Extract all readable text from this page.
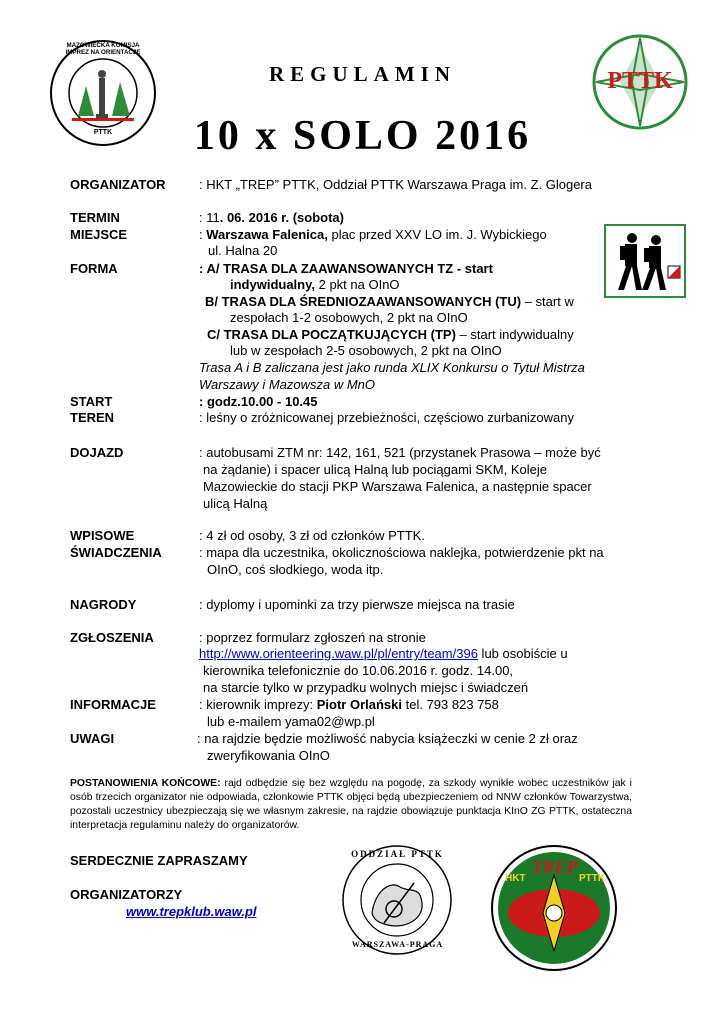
MAZOWIECKA KOMISJA IMPREZ NA ORIENTACJĘ
PTTK
PTTK
REGULAMIN
10 x SOLO 2016
ORGANIZATOR	: HKT „TREP” PTTK, Oddział PTTK Warszawa Praga im. Z. Glogera
TERMIN	: 11. 06. 2016 r. (sobota)
MIEJSCE	: Warszawa Falenica, plac przed XXV LO im. J. Wybickiego
ul. Halna 20
FORMA	: A/ TRASA DLA ZAAWANSOWANYCH TZ - start
indywidualny, 2 pkt na OInO
B/ TRASA DLA ŚREDNIOZAAWANSOWANYCH (TU) – start w
zespołach 1-2 osobowych, 2 pkt na OInO
C/ TRASA DLA POCZĄTKUJĄCYCH (TP) – start indywidualny
lub w zespołach 2-5 osobowych, 2 pkt na OInO
Trasa A i B zaliczana jest jako runda XLIX Konkursu o Tytuł Mistrza
Warszawy i Mazowsza w MnO
START	: godz.10.00 - 10.45
TEREN	: leśny o zróżnicowanej przebieżności, częściowo zurbanizowany
DOJAZD	: autobusami ZTM nr: 142, 161, 521 (przystanek Prasowa – może być
na żądanie) i spacer ulicą Halną lub pociągami SKM, Koleje
Mazowieckie do stacji PKP Warszawa Falenica, a następnie spacer
ulicą Halną
WPISOWE	: 4 zł od osoby, 3 zł od członków PTTK.
ŚWIADCZENIA	: mapa dla uczestnika, okolicznościowa naklejka, potwierdzenie pkt na
OInO, coś słodkiego, woda itp.
NAGRODY	: dyplomy i upominki za trzy pierwsze miejsca na trasie
ZGŁOSZENIA	: poprzez formularz zgłoszeń na stronie
http://www.orienteering.waw.pl/pl/entry/team/396 lub osobiście u
kierownika telefonicznie do 10.06.2016 r. godz. 14.00,
na starcie tylko w przypadku wolnych miejsc i świadczeń
INFORMACJE	: kierownik imprezy: Piotr Orlański tel. 793 823 758
lub e-mailem yama02@wp.pl
UWAGI	: na rajdzie będzie możliwość nabycia książeczki w cenie 2 zł oraz
zweryfikowania OInO
POSTANOWIENIA KOŃCOWE: rajd odbędzie się bez względu na pogodę, za szkody wynikłe wobec uczestników jak i osób trzecich organizator nie odpowiada, członkowie PTTK objęci będą ubezpieczeniem od NNW członków Towarzystwa, pozostali uczestnicy ubezpieczają się we własnym zakresie, na rajdzie obowiązuje punktacja KInO ZG PTTK, ostateczna interpretacja regulaminu należy do organizatorów.
SERDECZNIE ZAPRASZAMY
ORGANIZATORZY
www.trepklub.waw.pl
ODDZIAŁ PTTK
WARSZAWA-PRAGA
TREP
HKT	PTTK
